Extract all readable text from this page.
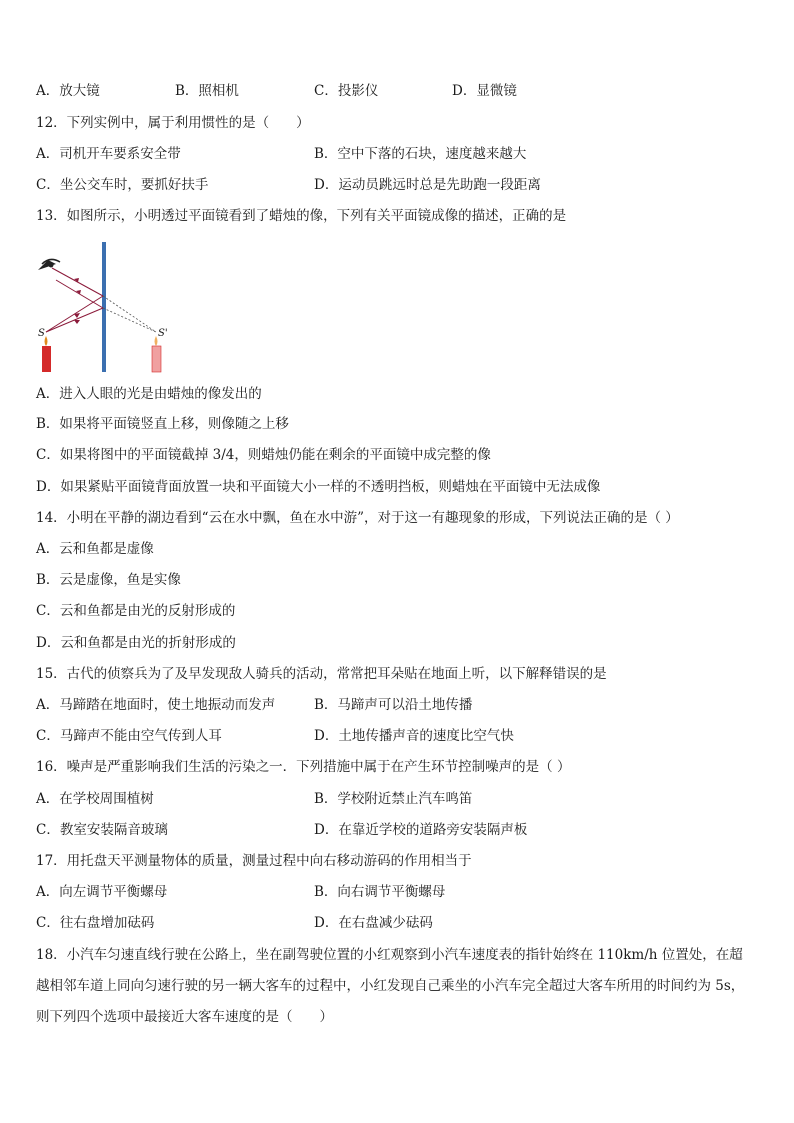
A．放大镜	B．照相机	C．投影仪	D．显微镜
12．下列实例中，属于利用惯性的是（　　）
A．司机开车要系安全带	B．空中下落的石块，速度越来越大
C．坐公交车时，要抓好扶手	D．运动员跳远时总是先助跑一段距离
13．如图所示，小明透过平面镜看到了蜡烛的像，下列有关平面镜成像的描述，正确的是
S	S'
A．进入人眼的光是由蜡烛的像发出的
B．如果将平面镜竖直上移，则像随之上移
C．如果将图中的平面镜截掉 3/4，则蜡烛仍能在剩余的平面镜中成完整的像
D．如果紧贴平面镜背面放置一块和平面镜大小一样的不透明挡板，则蜡烛在平面镜中无法成像
14．小明在平静的湖边看到“云在水中飘，鱼在水中游”，对于这一有趣现象的形成，下列说法正确的是（ ）
A．云和鱼都是虚像
B．云是虚像，鱼是实像
C．云和鱼都是由光的反射形成的
D．云和鱼都是由光的折射形成的
15．古代的侦察兵为了及早发现敌人骑兵的活动，常常把耳朵贴在地面上听，以下解释错误的是
A．马蹄踏在地面时，使土地振动而发声	B．马蹄声可以沿土地传播
C．马蹄声不能由空气传到人耳	D．土地传播声音的速度比空气快
16．噪声是严重影响我们生活的污染之一．下列措施中属于在产生环节控制噪声的是（ ）
A．在学校周围植树	B．学校附近禁止汽车鸣笛
C．教室安装隔音玻璃	D．在靠近学校的道路旁安装隔声板
17．用托盘天平测量物体的质量，测量过程中向右移动游码的作用相当于
A．向左调节平衡螺母	B．向右调节平衡螺母
C．往右盘增加砝码	D．在右盘减少砝码
18．小汽车匀速直线行驶在公路上，坐在副驾驶位置的小红观察到小汽车速度表的指针始终在 110km/h 位置处，在超
越相邻车道上同向匀速行驶的另一辆大客车的过程中，小红发现自己乘坐的小汽车完全超过大客车所用的时间约为 5s，
则下列四个选项中最接近大客车速度的是（　　）
